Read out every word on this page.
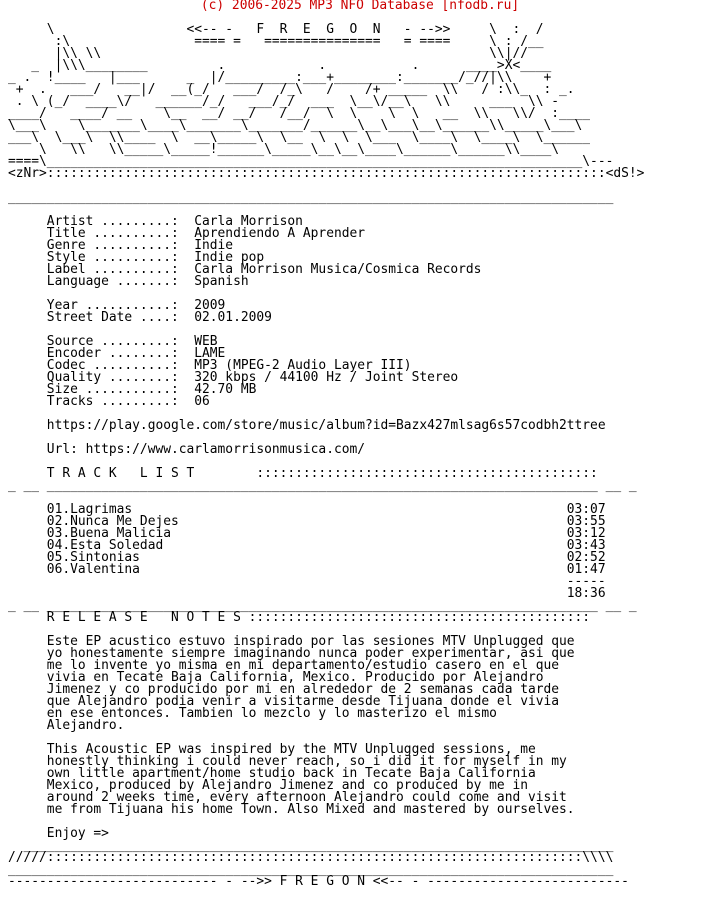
(c) 2006-2025 MP3 NFO Database [nfodb.ru]
\                 <<-- -   F  R  E  G  O  N   - -->>     \  :  /
:\                ==== =   ===============   = ====     \ : /__
|\\ \\                                                  \\|//
_  |\\\________         .            .           .      ____>X<____
_ .  !____   |___      _  |/_________:___+________:_______/_//|\\    +
+  .   ___/   __|/  __(_/   ___/  /_\   /    /+ _____  \\   / :\\_  : _.
. \ (_/  ____\/   ______/_/   ___/_/  ___  \__\/__\   \\     ___  \\ -
____/   ____/ __    \__  __/ __/   /__/  \  \    \  \   __  \\   \\/  :____
\___\    \_______\____\_______\_______/______\__\___\__\______\\_____\___\
___\  \___\  \\____  \  __\_____\  \__  \  \  \___  \____\  \____\  \______
\   \\   \\_____\_____!______\_____\__\__\____\______\______\\____\
====\_____________________________________________________________________\---
<zNr>::::::::::::::::::::::::::::::::::::::::::::::::::::::::::::::::::::::::<dS!>

______________________________________________________________________________
Artist .........:  Carla Morrison
Title ..........:  Aprendiendo A Aprender
Genre ..........:  Indie
Style ..........:  Indie pop
Label ..........:  Carla Morrison Musica/Cosmica Records
Language .......:  Spanish
Year ...........:  2009
Street Date ....:  02.01.2009
Source .........:  WEB
Encoder ........:  LAME
Codec ..........:  MP3 (MPEG-2 Audio Layer III)
Quality ........:  320 kbps / 44100 Hz / Joint Stereo
Size ...........:  42.70 MB
Tracks .........:  06
https://play.google.com/store/music/album?id=Bazx427mlsag6s57codbh2ttree
Url: https://www.carlamorrisonmusica.com/
T R A C K   L I S T        ::::::::::::::::::::::::::::::::::::::::::::
_ __ _______________________________________________________________________ __ _
01.Lagrimas                                                        03:07
02.Nunca Me Dejes                                                  03:55
03.Buena Malicia                                                   03:12
04.Esta Soledad                                                    03:43
05.Sintonias                                                       02:52
06.Valentina                                                       01:47
-----
18:36
_ __ _______________________________________________________________________ __ _
R E L E A S E   N O T E S ::::::::::::::::::::::::::::::::::::::::::::
Este EP acustico estuvo inspirado por las sesiones MTV Unplugged que
yo honestamente siempre imaginando nunca poder experimentar, asi que
me lo invente yo misma en mi departamento/estudio casero en el que
vivia en Tecate Baja California, Mexico. Producido por Alejandro
Jimenez y co producido por mi en alrededor de 2 semanas cada tarde
que Alejandro podia venir a visitarme desde Tijuana donde el vivia
en ese entonces. Tambien lo mezclo y lo masterizo el mismo
Alejandro.
This Acoustic EP was inspired by the MTV Unplugged sessions, me
honestly thinking i could never reach, so i did it for myself in my
own little apartment/home studio back in Tecate Baja California
Mexico, produced by Alejandro Jimenez and co produced by me in
around 2 weeks time, every afternoon Alejandro could come and visit
me from Tijuana his home Town. Also Mixed and mastered by ourselves.
Enjoy =>
____________________________________________________________________________
/////:::::::::::::::::::::::::::::::::::::::::::::::::::::::::::::::::::::\\\\
______________________________________________________________________________
--------------------------- - -->> F R E G O N <<-- - --------------------------
